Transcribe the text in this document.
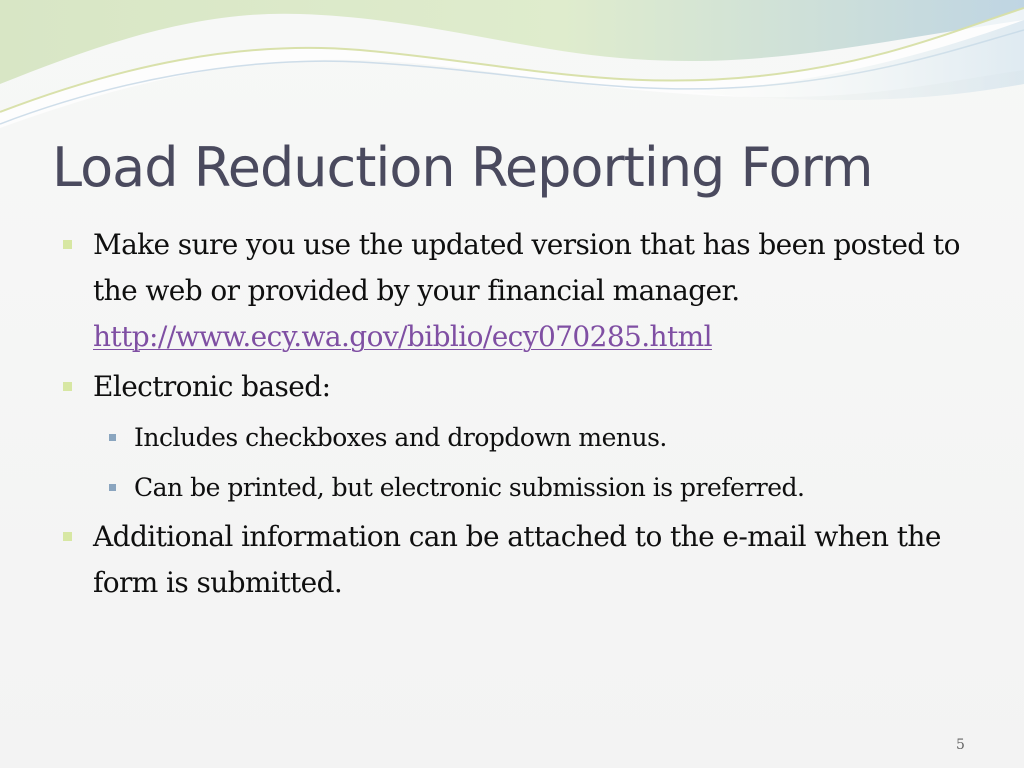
Load Reduction Reporting Form
Make sure you use the updated version that has been posted to the web or provided by your financial manager.
http://www.ecy.wa.gov/biblio/ecy070285.html
Electronic based:
Includes checkboxes and dropdown menus.
Can be printed, but electronic submission is preferred.
Additional information can be attached to the e-mail when the form is submitted.
5
